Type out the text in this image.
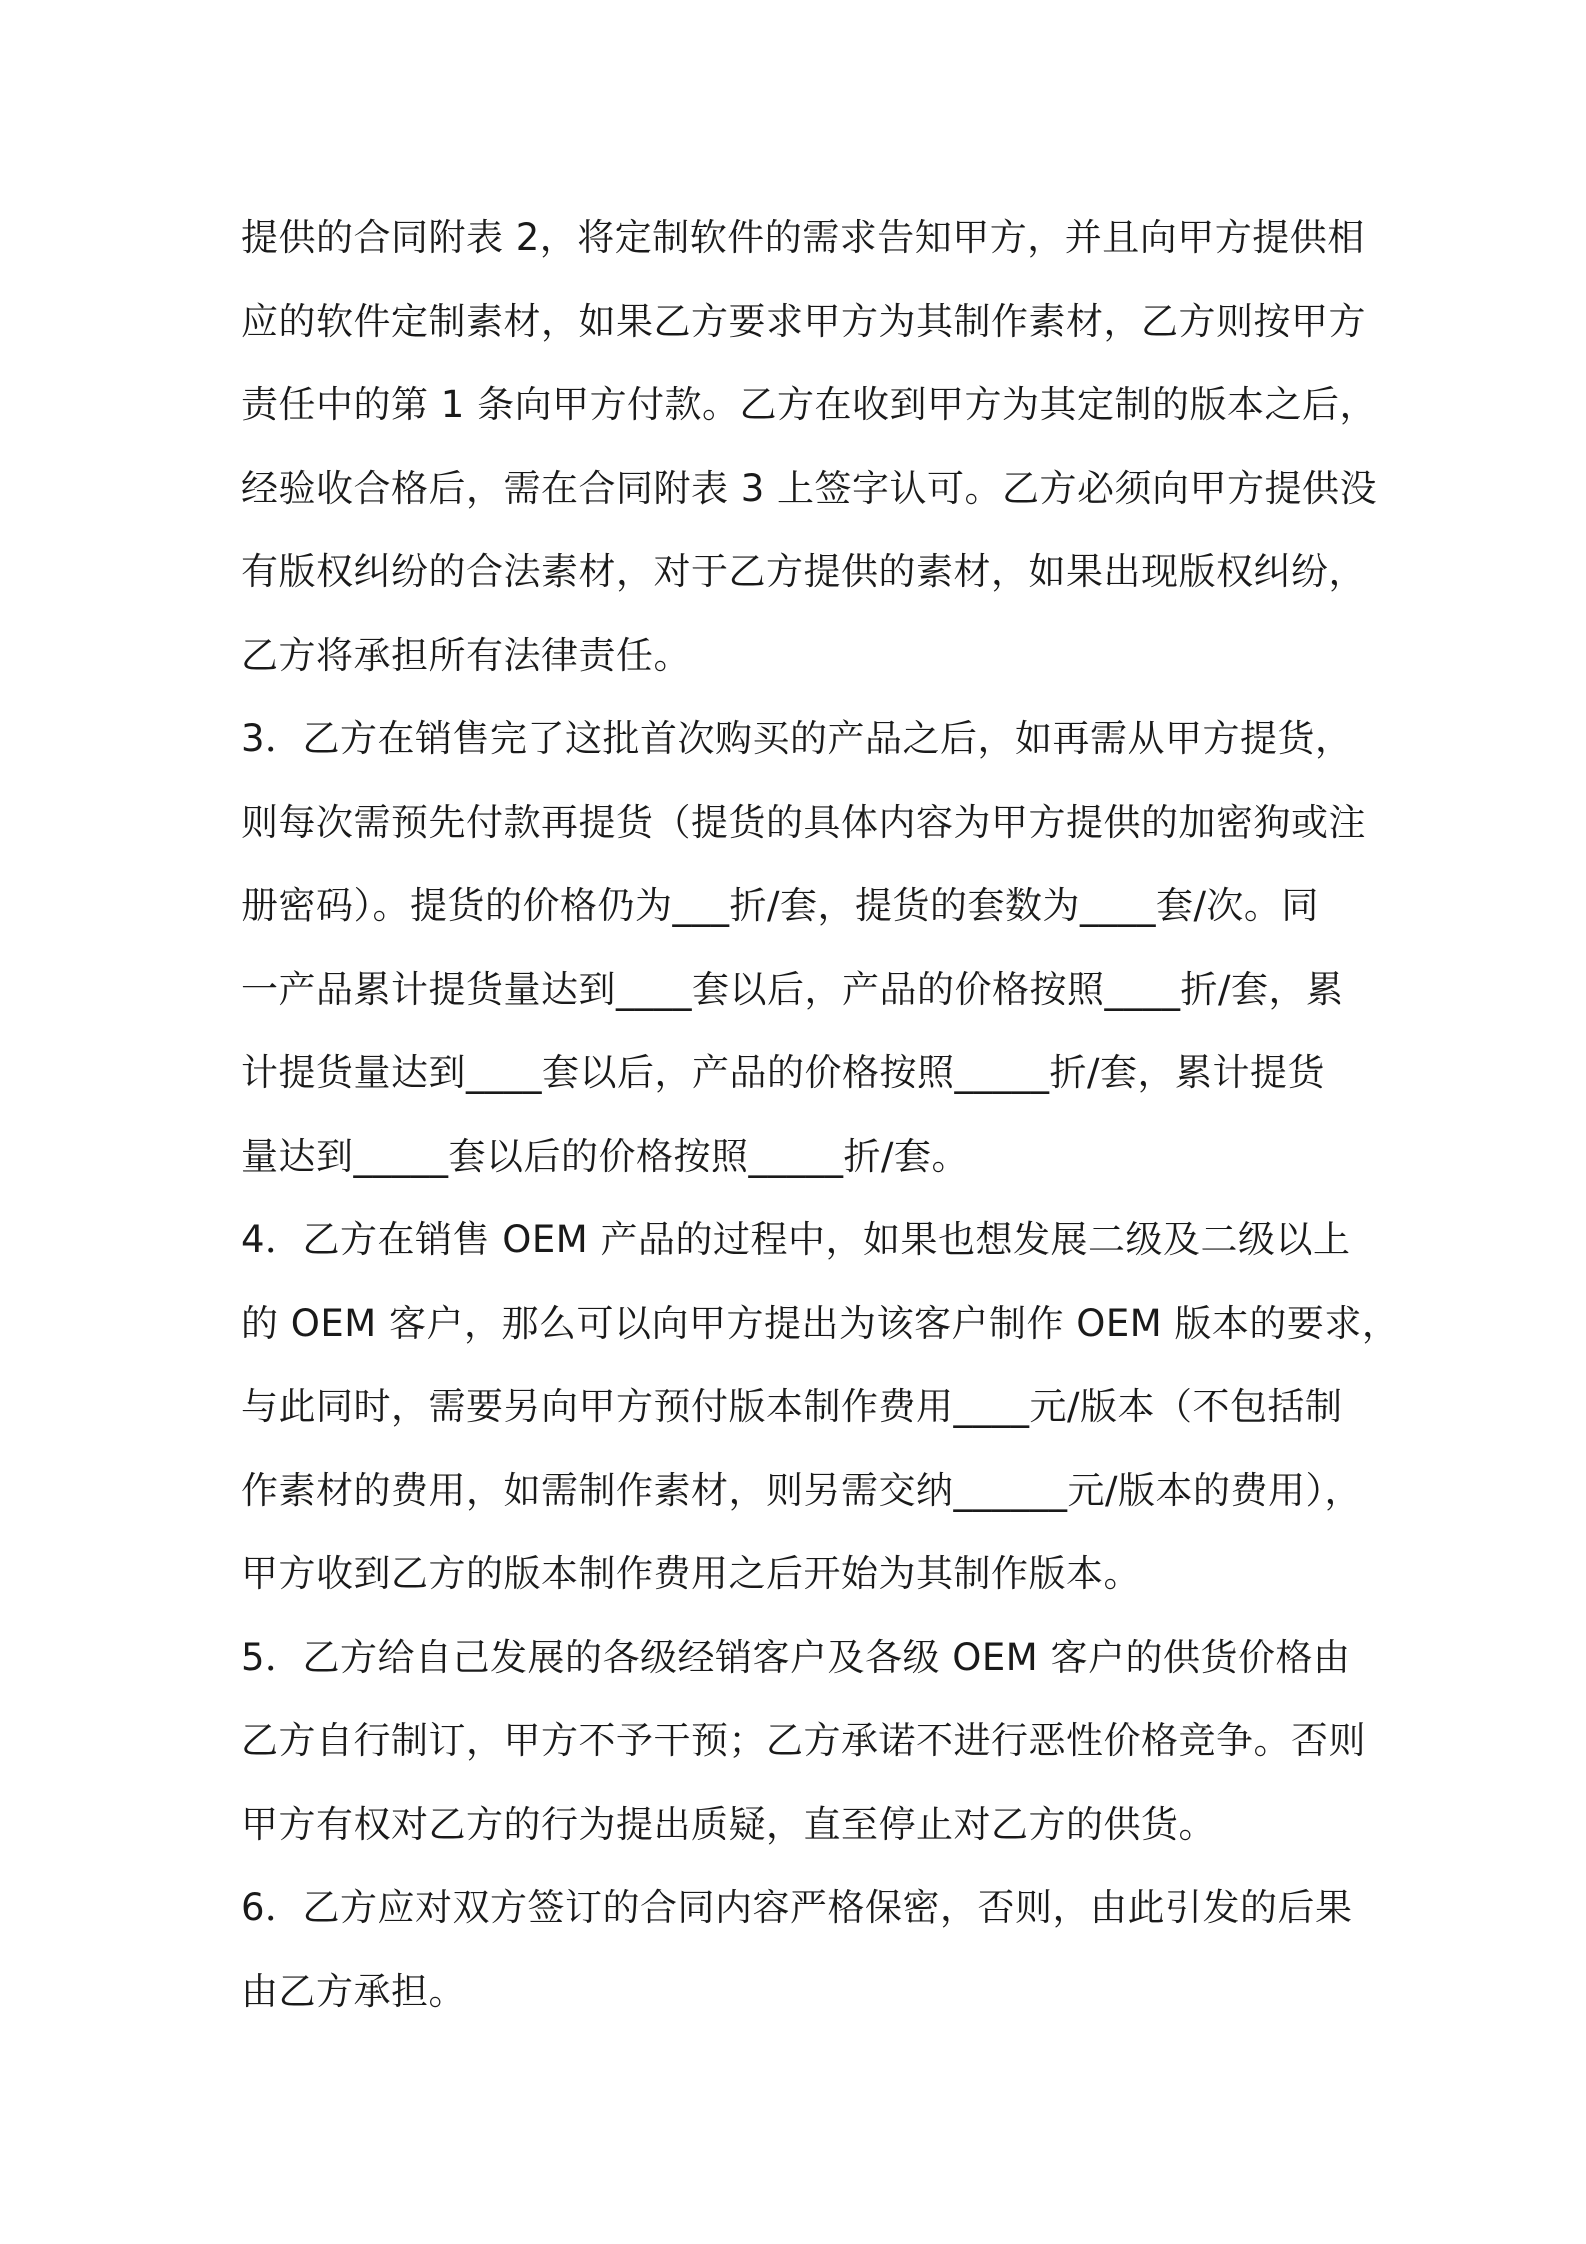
提供的合同附表 2，将定制软件的需求告知甲方，并且向甲方提供相
应的软件定制素材，如果乙方要求甲方为其制作素材，乙方则按甲方
责任中的第 1 条向甲方付款。乙方在收到甲方为其定制的版本之后，
经验收合格后，需在合同附表 3 上签字认可。乙方必须向甲方提供没
有版权纠纷的合法素材，对于乙方提供的素材，如果出现版权纠纷，
乙方将承担所有法律责任。
3．乙方在销售完了这批首次购买的产品之后，如再需从甲方提货，
则每次需预先付款再提货（提货的具体内容为甲方提供的加密狗或注
册密码）。提货的价格仍为___折/套，提货的套数为____套/次。同
一产品累计提货量达到____套以后，产品的价格按照____折/套，累
计提货量达到____套以后，产品的价格按照_____折/套，累计提货
量达到_____套以后的价格按照_____折/套。
4．乙方在销售 OEM 产品的过程中，如果也想发展二级及二级以上
的 OEM 客户，那么可以向甲方提出为该客户制作 OEM 版本的要求，
与此同时，需要另向甲方预付版本制作费用____元/版本（不包括制
作素材的费用，如需制作素材，则另需交纳______元/版本的费用），
甲方收到乙方的版本制作费用之后开始为其制作版本。
5．乙方给自己发展的各级经销客户及各级 OEM 客户的供货价格由
乙方自行制订，甲方不予干预；乙方承诺不进行恶性价格竞争。否则
甲方有权对乙方的行为提出质疑，直至停止对乙方的供货。
6．乙方应对双方签订的合同内容严格保密，否则，由此引发的后果
由乙方承担。
